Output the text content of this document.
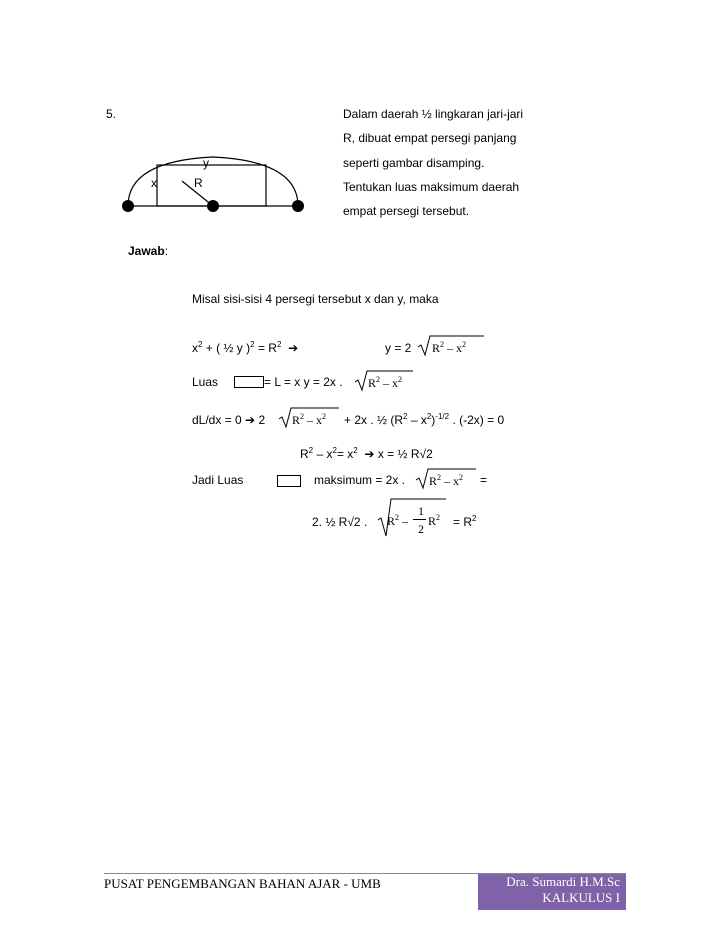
5.	Dalam daerah ½ lingkaran jari-jari
R, dibuat empat persegi panjang
seperti gambar disamping.
Tentukan luas maksimum daerah
empat persegi tersebut.
y
x	R
Jawab:
Misal sisi-sisi 4 persegi tersebut x dan y, maka
$x^2$ + ( ½ y )$^2 = R^2$  ➔	y = 2 $R^2 - x^2$
Luas	= L = x y = 2x . $R^2 - x^2$
dL/dx = 0 ➔ 2 $R^2 - x^2 + 2x$ . ½ $(R^2 - x^2)^{-1/2}$ . (-2x) = 0
$R^2 - x^2= x^2$  ➔ x = ½ R√2
Jadi Luas	maksimum = 2x . $R^2 - x^2$ =
2. ½ R√2 . $R^2$ –
1
2
$R^2 = R^2$
PUSAT PENGEMBANGAN BAHAN AJAR - UMB	Dra. Sumardi H.M.Sc
KALKULUS I
